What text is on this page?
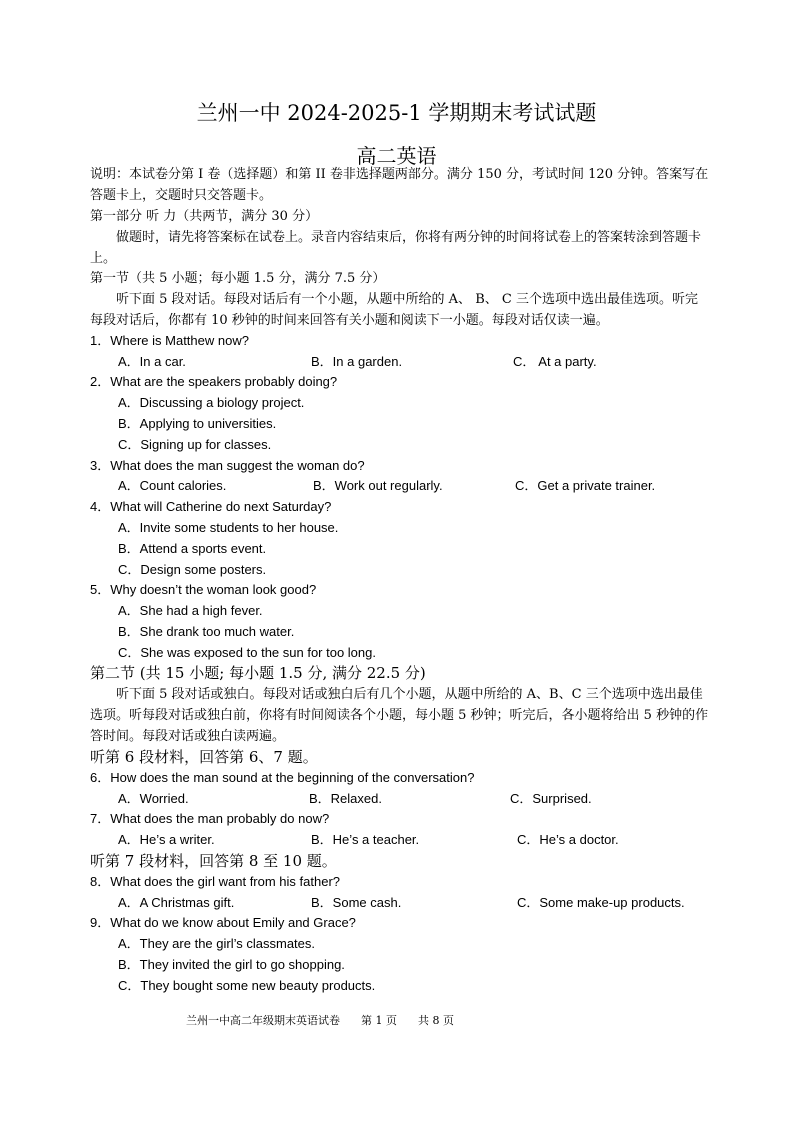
兰州一中 2024-2025-1 学期期末考试试题
高二英语
说明：本试卷分第 I 卷（选择题）和第 II 卷非选择题两部分。满分 150 分，考试时间 120 分钟。答案写在答题卡上，交题时只交答题卡。
第一部分 听 力（共两节，满分 30 分）
做题时，请先将答案标在试卷上。录音内容结束后，你将有两分钟的时间将试卷上的答案转涂到答题卡上。
第一节（共 5 小题；每小题 1.5 分，满分 7.5 分）
听下面 5 段对话。每段对话后有一个小题，从题中所给的 A、 B、 C 三个选项中选出最佳选项。听完每段对话后，你都有 10 秒钟的时间来回答有关小题和阅读下一小题。每段对话仅读一遍。
1．Where is Matthew now?
A．In a car.	B．In a garden.	C． At a party.
2．What are the speakers probably doing?
A．Discussing a biology project.
B．Applying to universities.
C．Signing up for classes.
3．What does the man suggest the woman do?
A．Count calories.	B．Work out regularly.	C．Get a private trainer.
4．What will Catherine do next Saturday?
A．Invite some students to her house.
B．Attend a sports event.
C．Design some posters.
5．Why doesn’t the woman look good?
A．She had a high fever.
B．She drank too much water.
C．She was exposed to the sun for too long.
第二节 (共 15 小题; 每小题 1.5 分, 满分 22.5 分)
听下面 5 段对话或独白。每段对话或独白后有几个小题，从题中所给的 A、B、C 三个选项中选出最佳选项。听每段对话或独白前，你将有时间阅读各个小题，每小题 5 秒钟；听完后，各小题将给出 5 秒钟的作答时间。每段对话或独白读两遍。
听第 6 段材料，回答第 6、7 题。
6．How does the man sound at the beginning of the conversation?
A．Worried.	B．Relaxed.	C．Surprised.
7．What does the man probably do now?
A．He’s a writer.	B．He’s a teacher.	C．He’s a doctor.
听第 7 段材料，回答第 8 至 10 题。
8．What does the girl want from his father?
A．A Christmas gift.	B．Some cash.	C．Some make-up products.
9．What do we know about Emily and Grace?
A．They are the girl’s classmates.
B．They invited the girl to go shopping.
C．They bought some new beauty products.
兰州一中高二年级期末英语试卷 第 1 页 共 8 页
